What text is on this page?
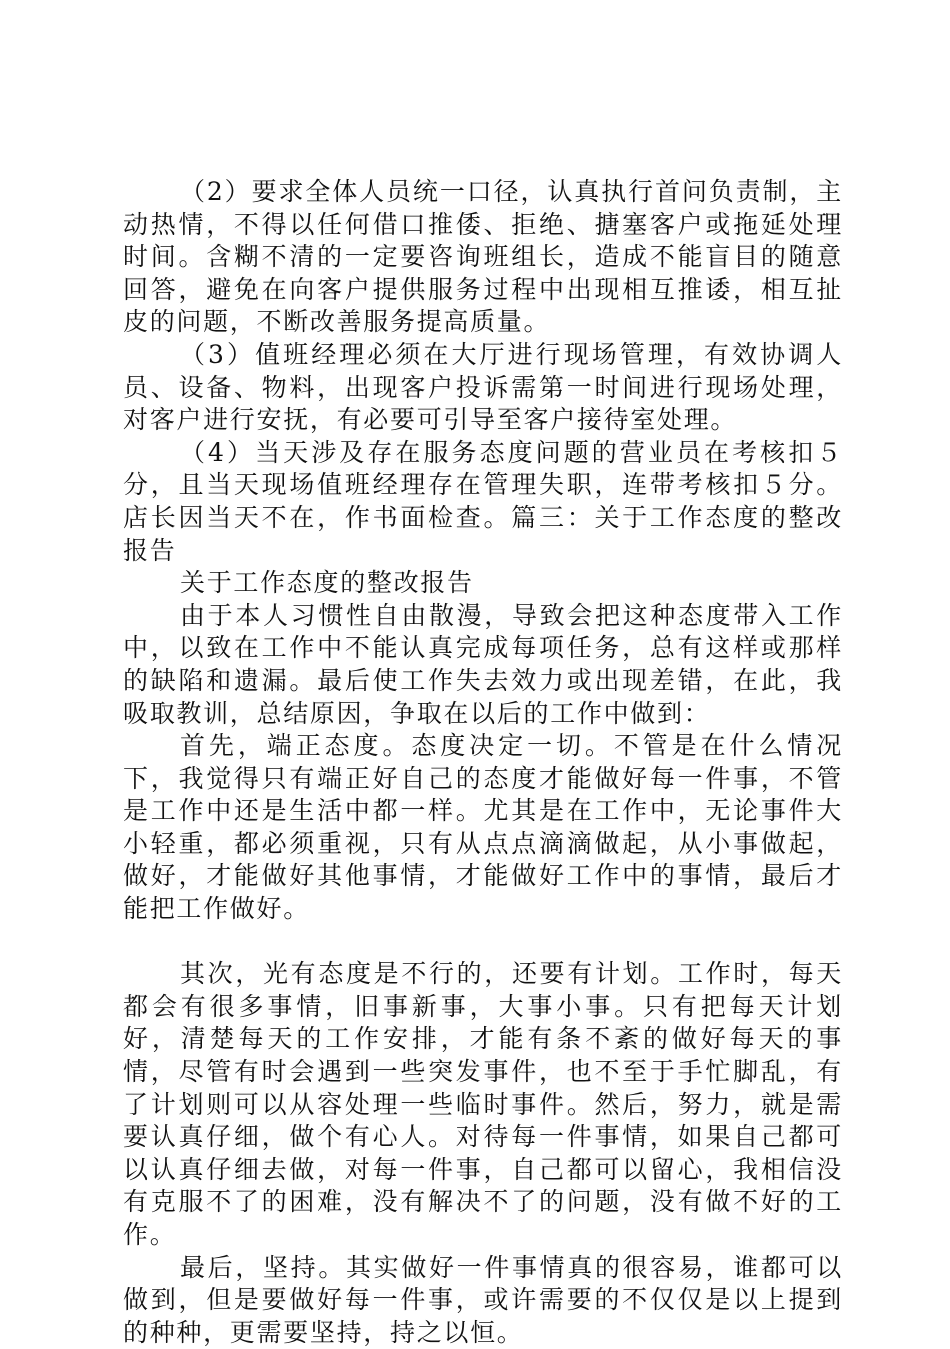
（2）要求全体人员统一口径，认真执行首问负责制，主动热情，不得以任何借口推倭、拒绝、搪塞客户或拖延处理时间。含糊不清的一定要咨询班组长，造成不能盲目的随意回答，避免在向客户提供服务过程中出现相互推诿，相互扯皮的问题，不断改善服务提高质量。

（3）值班经理必须在大厅进行现场管理，有效协调人员、设备、物料，出现客户投诉需第一时间进行现场处理，对客户进行安抚，有必要可引导至客户接待室处理。

（4）当天涉及存在服务态度问题的营业员在考核扣５分，且当天现场值班经理存在管理失职，连带考核扣５分。店长因当天不在，作书面检查。篇三：关于工作态度的整改报告

关于工作态度的整改报告

由于本人习惯性自由散漫，导致会把这种态度带入工作中，以致在工作中不能认真完成每项任务，总有这样或那样的缺陷和遗漏。最后使工作失去效力或出现差错，在此，我吸取教训，总结原因，争取在以后的工作中做到：

首先，端正态度。态度决定一切。不管是在什么情况下，我觉得只有端正好自己的态度才能做好每一件事，不管是工作中还是生活中都一样。尤其是在工作中，无论事件大小轻重，都必须重视，只有从点点滴滴做起，从小事做起，做好，才能做好其他事情，才能做好工作中的事情，最后才能把工作做好。

其次，光有态度是不行的，还要有计划。工作时，每天都会有很多事情，旧事新事，大事小事。只有把每天计划好，清楚每天的工作安排，才能有条不紊的做好每天的事情，尽管有时会遇到一些突发事件，也不至于手忙脚乱，有了计划则可以从容处理一些临时事件。然后，努力，就是需要认真仔细，做个有心人。对待每一件事情，如果自己都可以认真仔细去做，对每一件事，自己都可以留心，我相信没有克服不了的困难，没有解决不了的问题，没有做不好的工作。

最后，坚持。其实做好一件事情真的很容易，谁都可以做到，但是要做好每一件事，或许需要的不仅仅是以上提到的种种，更需要坚持，持之以恒。
